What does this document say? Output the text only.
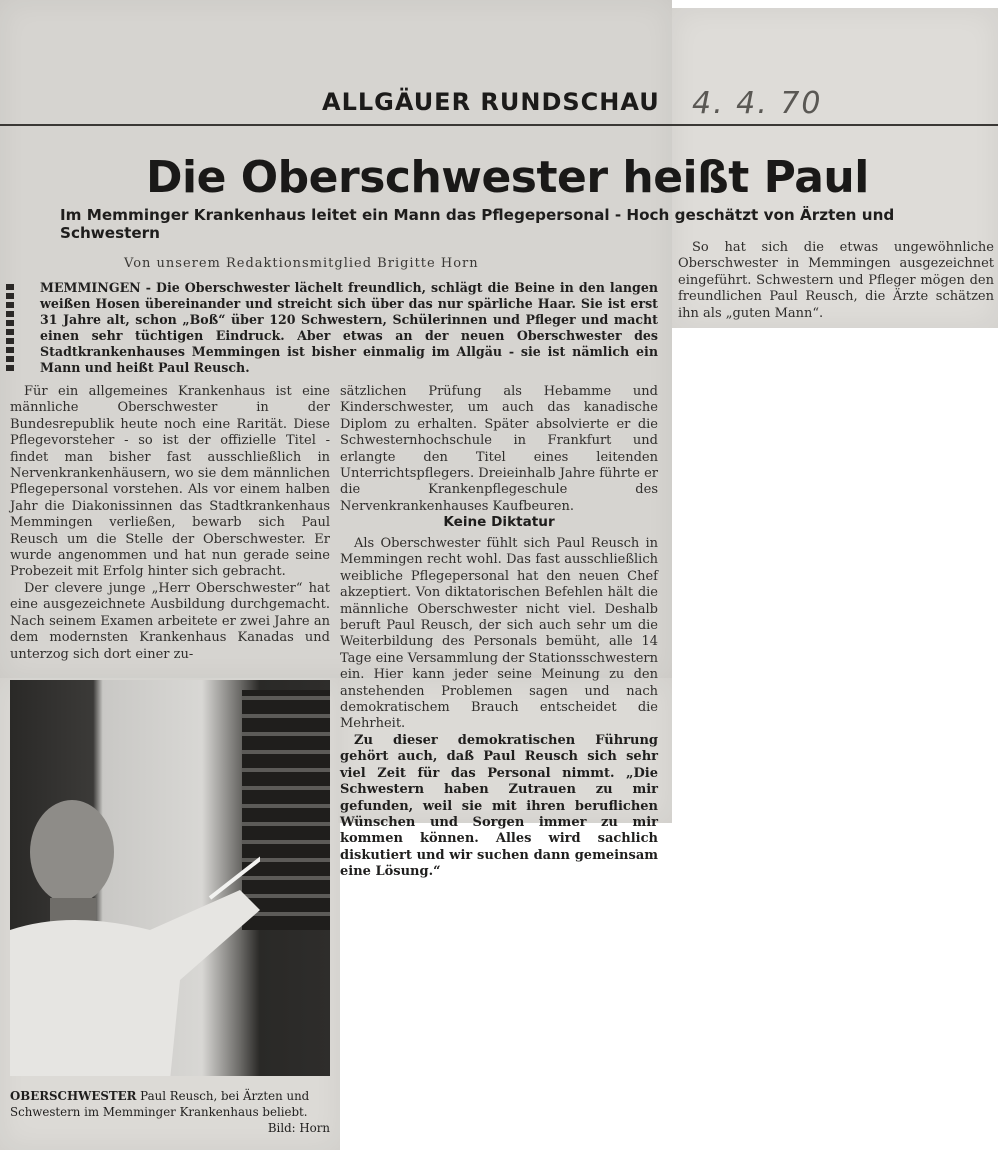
ALLGÄUER RUNDSCHAU 4. 4. 70
Die Oberschwester heißt Paul
Im Memminger Krankenhaus leitet ein Mann das Pflegepersonal - Hoch geschätzt von Ärzten und Schwestern
Von unserem Redaktionsmitglied Brigitte Horn
MEMMINGEN - Die Oberschwester lächelt freundlich, schlägt die Beine in den langen weißen Hosen übereinander und streicht sich über das nur spärliche Haar. Sie ist erst 31 Jahre alt, schon „Boß“ über 120 Schwestern, Schülerinnen und Pfleger und macht einen sehr tüchtigen Eindruck. Aber etwas an der neuen Oberschwester des Stadtkrankenhauses Memmingen ist bisher einmalig im Allgäu - sie ist nämlich ein Mann und heißt Paul Reusch.

Für ein allgemeines Krankenhaus ist eine männliche Oberschwester in der Bundesrepublik heute noch eine Rarität. Diese Pflegevorsteher - so ist der offizielle Titel - findet man bisher fast ausschließlich in Nervenkrankenhäusern, wo sie dem männlichen Pflegepersonal vorstehen. Als vor einem halben Jahr die Diakonissinnen das Stadtkrankenhaus Memmingen verließen, bewarb sich Paul Reusch um die Stelle der Oberschwester. Er wurde angenommen und hat nun gerade seine Probezeit mit Erfolg hinter sich gebracht.

Der clevere junge „Herr Oberschwester“ hat eine ausgezeichnete Ausbildung durchgemacht. Nach seinem Examen arbeitete er zwei Jahre an dem modernsten Krankenhaus Kanadas und unterzog sich dort einer zu-

sätzlichen Prüfung als Hebamme und Kinderschwester, um auch das kanadische Diplom zu erhalten. Später absolvierte er die Schwesternhochschule in Frankfurt und erlangte den Titel eines leitenden Unterrichtspflegers. Dreieinhalb Jahre führte er die Krankenpflegeschule des Nervenkrankenhauses Kaufbeuren.

Keine Diktatur

Als Oberschwester fühlt sich Paul Reusch in Memmingen recht wohl. Das fast ausschließlich weibliche Pflegepersonal hat den neuen Chef akzeptiert. Von diktatorischen Befehlen hält die männliche Oberschwester nicht viel. Deshalb beruft Paul Reusch, der sich auch sehr um die Weiterbildung des Personals bemüht, alle 14 Tage eine Versammlung der Stationsschwestern ein. Hier kann jeder seine Meinung zu den anstehenden Problemen sagen und nach demokratischem Brauch entscheidet die Mehrheit.

Zu dieser demokratischen Führung gehört auch, daß Paul Reusch sich sehr viel Zeit für das Personal nimmt. „Die Schwestern haben Zutrauen zu mir gefunden, weil sie mit ihren beruflichen Wünschen und Sorgen immer zu mir kommen können. Alles wird sachlich diskutiert und wir suchen dann gemeinsam eine Lösung.“

So hat sich die etwas ungewöhnliche Oberschwester in Memmingen ausgezeichnet eingeführt. Schwestern und Pfleger mögen den freundlichen Paul Reusch, die Ärzte schätzen ihn als „guten Mann“.

OBERSCHWESTER Paul Reusch, bei Ärzten und Schwestern im Memminger Krankenhaus beliebt.
Bild: Horn
